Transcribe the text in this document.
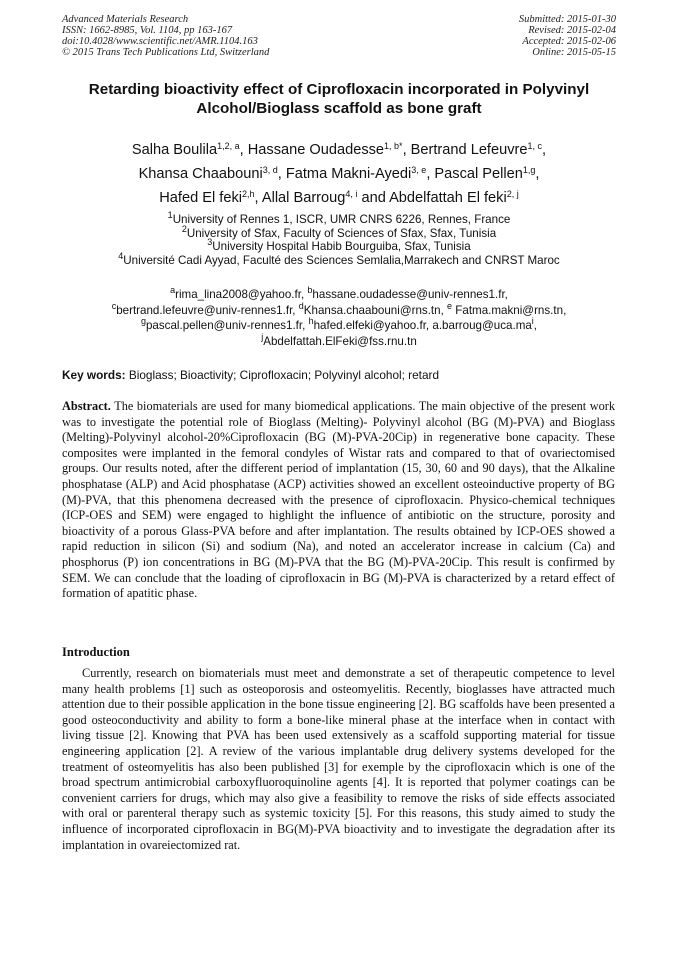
Advanced Materials Research
ISSN: 1662-8985, Vol. 1104, pp 163-167
doi:10.4028/www.scientific.net/AMR.1104.163
© 2015 Trans Tech Publications Ltd, Switzerland
Submitted: 2015-01-30
Revised: 2015-02-04
Accepted: 2015-02-06
Online: 2015-05-15
Retarding bioactivity effect of Ciprofloxacin incorporated in Polyvinyl
Alcohol/Bioglass scaffold as bone graft
Salha Boulila$^{1,2, a}$, Hassane Oudadesse$^{1, b*}$, Bertrand Lefeuvre$^{1, c}$,
Khansa Chaabouni$^{3, d}$, Fatma Makni-Ayedi$^{3, e}$, Pascal Pellen$^{1,g}$,
Hafed El feki$^{2,h}$, Allal Barroug$^{4, i}$ and Abdelfattah El feki$^{2, j}$
$^1$University of Rennes 1, ISCR, UMR CNRS 6226, Rennes, France
$^2$University of Sfax, Faculty of Sciences of Sfax, Sfax, Tunisia
$^3$University Hospital Habib Bourguiba, Sfax, Tunisia
$^4$Université Cadi Ayyad, Faculté des Sciences Semlalia,Marrakech and CNRST Maroc
$^a$rima_lina2008@yahoo.fr, $^b$hassane.oudadesse@univ-rennes1.fr,
$^c$bertrand.lefeuvre@univ-rennes1.fr, $^d$Khansa.chaabouni@rns.tn, $^e$ Fatma.makni@rns.tn,
$^g$pascal.pellen@univ-rennes1.fr, $^h$hafed.elfeki@yahoo.fr, $a.barroug@uca.ma^i$,
$^j$Abdelfattah.ElFeki@fss.rnu.tn
Key words: Bioglass; Bioactivity; Ciprofloxacin; Polyvinyl alcohol; retard
Abstract. The biomaterials are used for many biomedical applications. The main objective of the present work was to investigate the potential role of Bioglass (Melting)- Polyvinyl alcohol (BG (M)-PVA) and Bioglass (Melting)-Polyvinyl alcohol-20%Ciprofloxacin (BG (M)-PVA-20Cip) in regenerative bone capacity. These composites were implanted in the femoral condyles of Wistar rats and compared to that of ovariectomised groups. Our results noted, after the different period of implantation (15, 30, 60 and 90 days), that the Alkaline phosphatase (ALP) and Acid phosphatase (ACP) activities showed an excellent osteoinductive property of BG (M)-PVA, that this phenomena decreased with the presence of ciprofloxacin. Physico-chemical techniques (ICP-OES and SEM) were engaged to highlight the influence of antibiotic on the structure, porosity and bioactivity of a porous Glass-PVA before and after implantation. The results obtained by ICP-OES showed a rapid reduction in silicon (Si) and sodium (Na), and noted an accelerator increase in calcium (Ca) and phosphorus (P) ion concentrations in BG (M)-PVA that the BG (M)-PVA-20Cip. This result is confirmed by SEM. We can conclude that the loading of ciprofloxacin in BG (M)-PVA is characterized by a retard effect of formation of apatitic phase.
Introduction
Currently, research on biomaterials must meet and demonstrate a set of therapeutic competence to level many health problems [1] such as osteoporosis and osteomyelitis. Recently, bioglasses have attracted much attention due to their possible application in the bone tissue engineering [2]. BG scaffolds have been presented a good osteoconductivity and ability to form a bone-like mineral phase at the interface when in contact with living tissue [2]. Knowing that PVA has been used extensively as a scaffold supporting material for tissue engineering application [2]. A review of the various implantable drug delivery systems developed for the treatment of osteomyelitis has also been published [3] for exemple by the ciprofloxacin which is one of the broad spectrum antimicrobial carboxyfluoroquinoline agents [4]. It is reported that polymer coatings can be convenient carriers for drugs, which may also give a feasibility to remove the risks of side effects associated with oral or parenteral therapy such as systemic toxicity [5]. For this reasons, this study aimed to study the influence of incorporated ciprofloxacin in BG(M)-PVA bioactivity and to investigate the degradation after its implantation in ovareiectomized rat.
